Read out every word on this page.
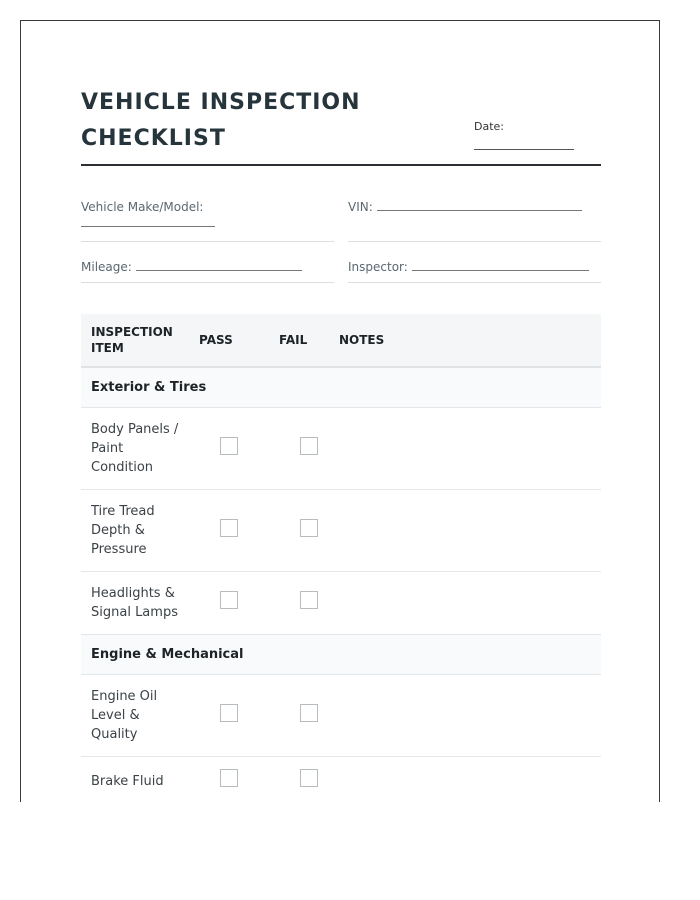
VEHICLE INSPECTION
CHECKLIST	Date:
Vehicle Make/Model:	VIN:
Mileage:	Inspector:
INSPECTION
ITEM	PASS	FAIL	NOTES
Exterior & Tires			
Body Panels / Paint Condition			
Tire Tread Depth & Pressure			
Headlights & Signal Lamps			
Engine & Mechanical			
Engine Oil Level & Quality			
Brake Fluid			
